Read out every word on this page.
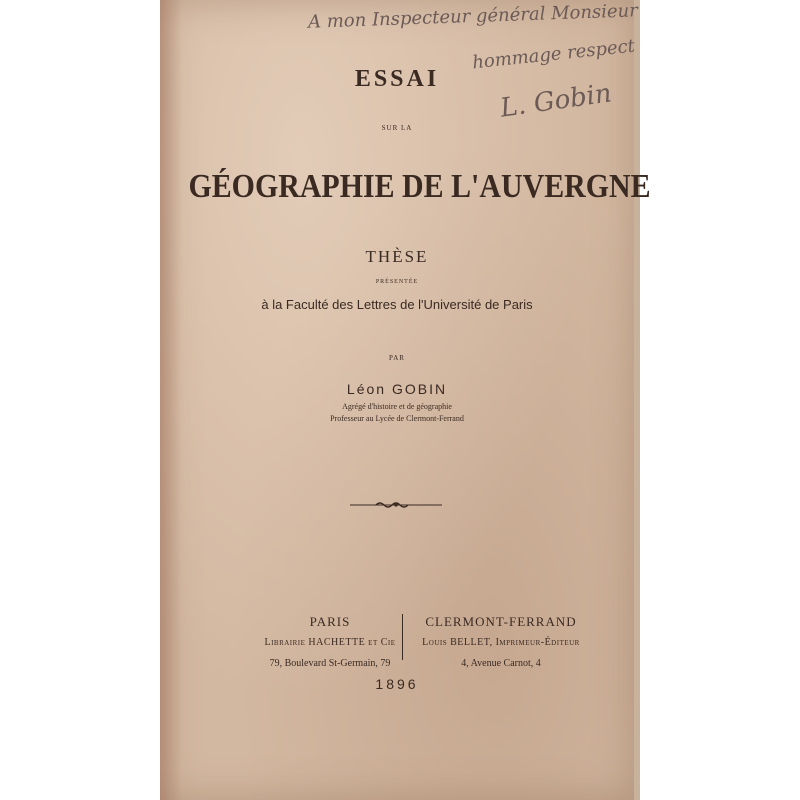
A mon Inspecteur général Monsieur
hommage respect
L. Gobin
ESSAI
SUR LA
GÉOGRAPHIE DE L'AUVERGNE
THÈSE
PRÉSENTÉE
à la Faculté des Lettres de l'Université de Paris
PAR
Léon GOBIN
Agrégé d'histoire et de géographie
Professeur au Lycée de Clermont-Ferrand
PARIS
Librairie HACHETTE et Cie
79, Boulevard St-Germain, 79
CLERMONT-FERRAND
Louis BELLET, Imprimeur-Éditeur
4, Avenue Carnot, 4
1896
